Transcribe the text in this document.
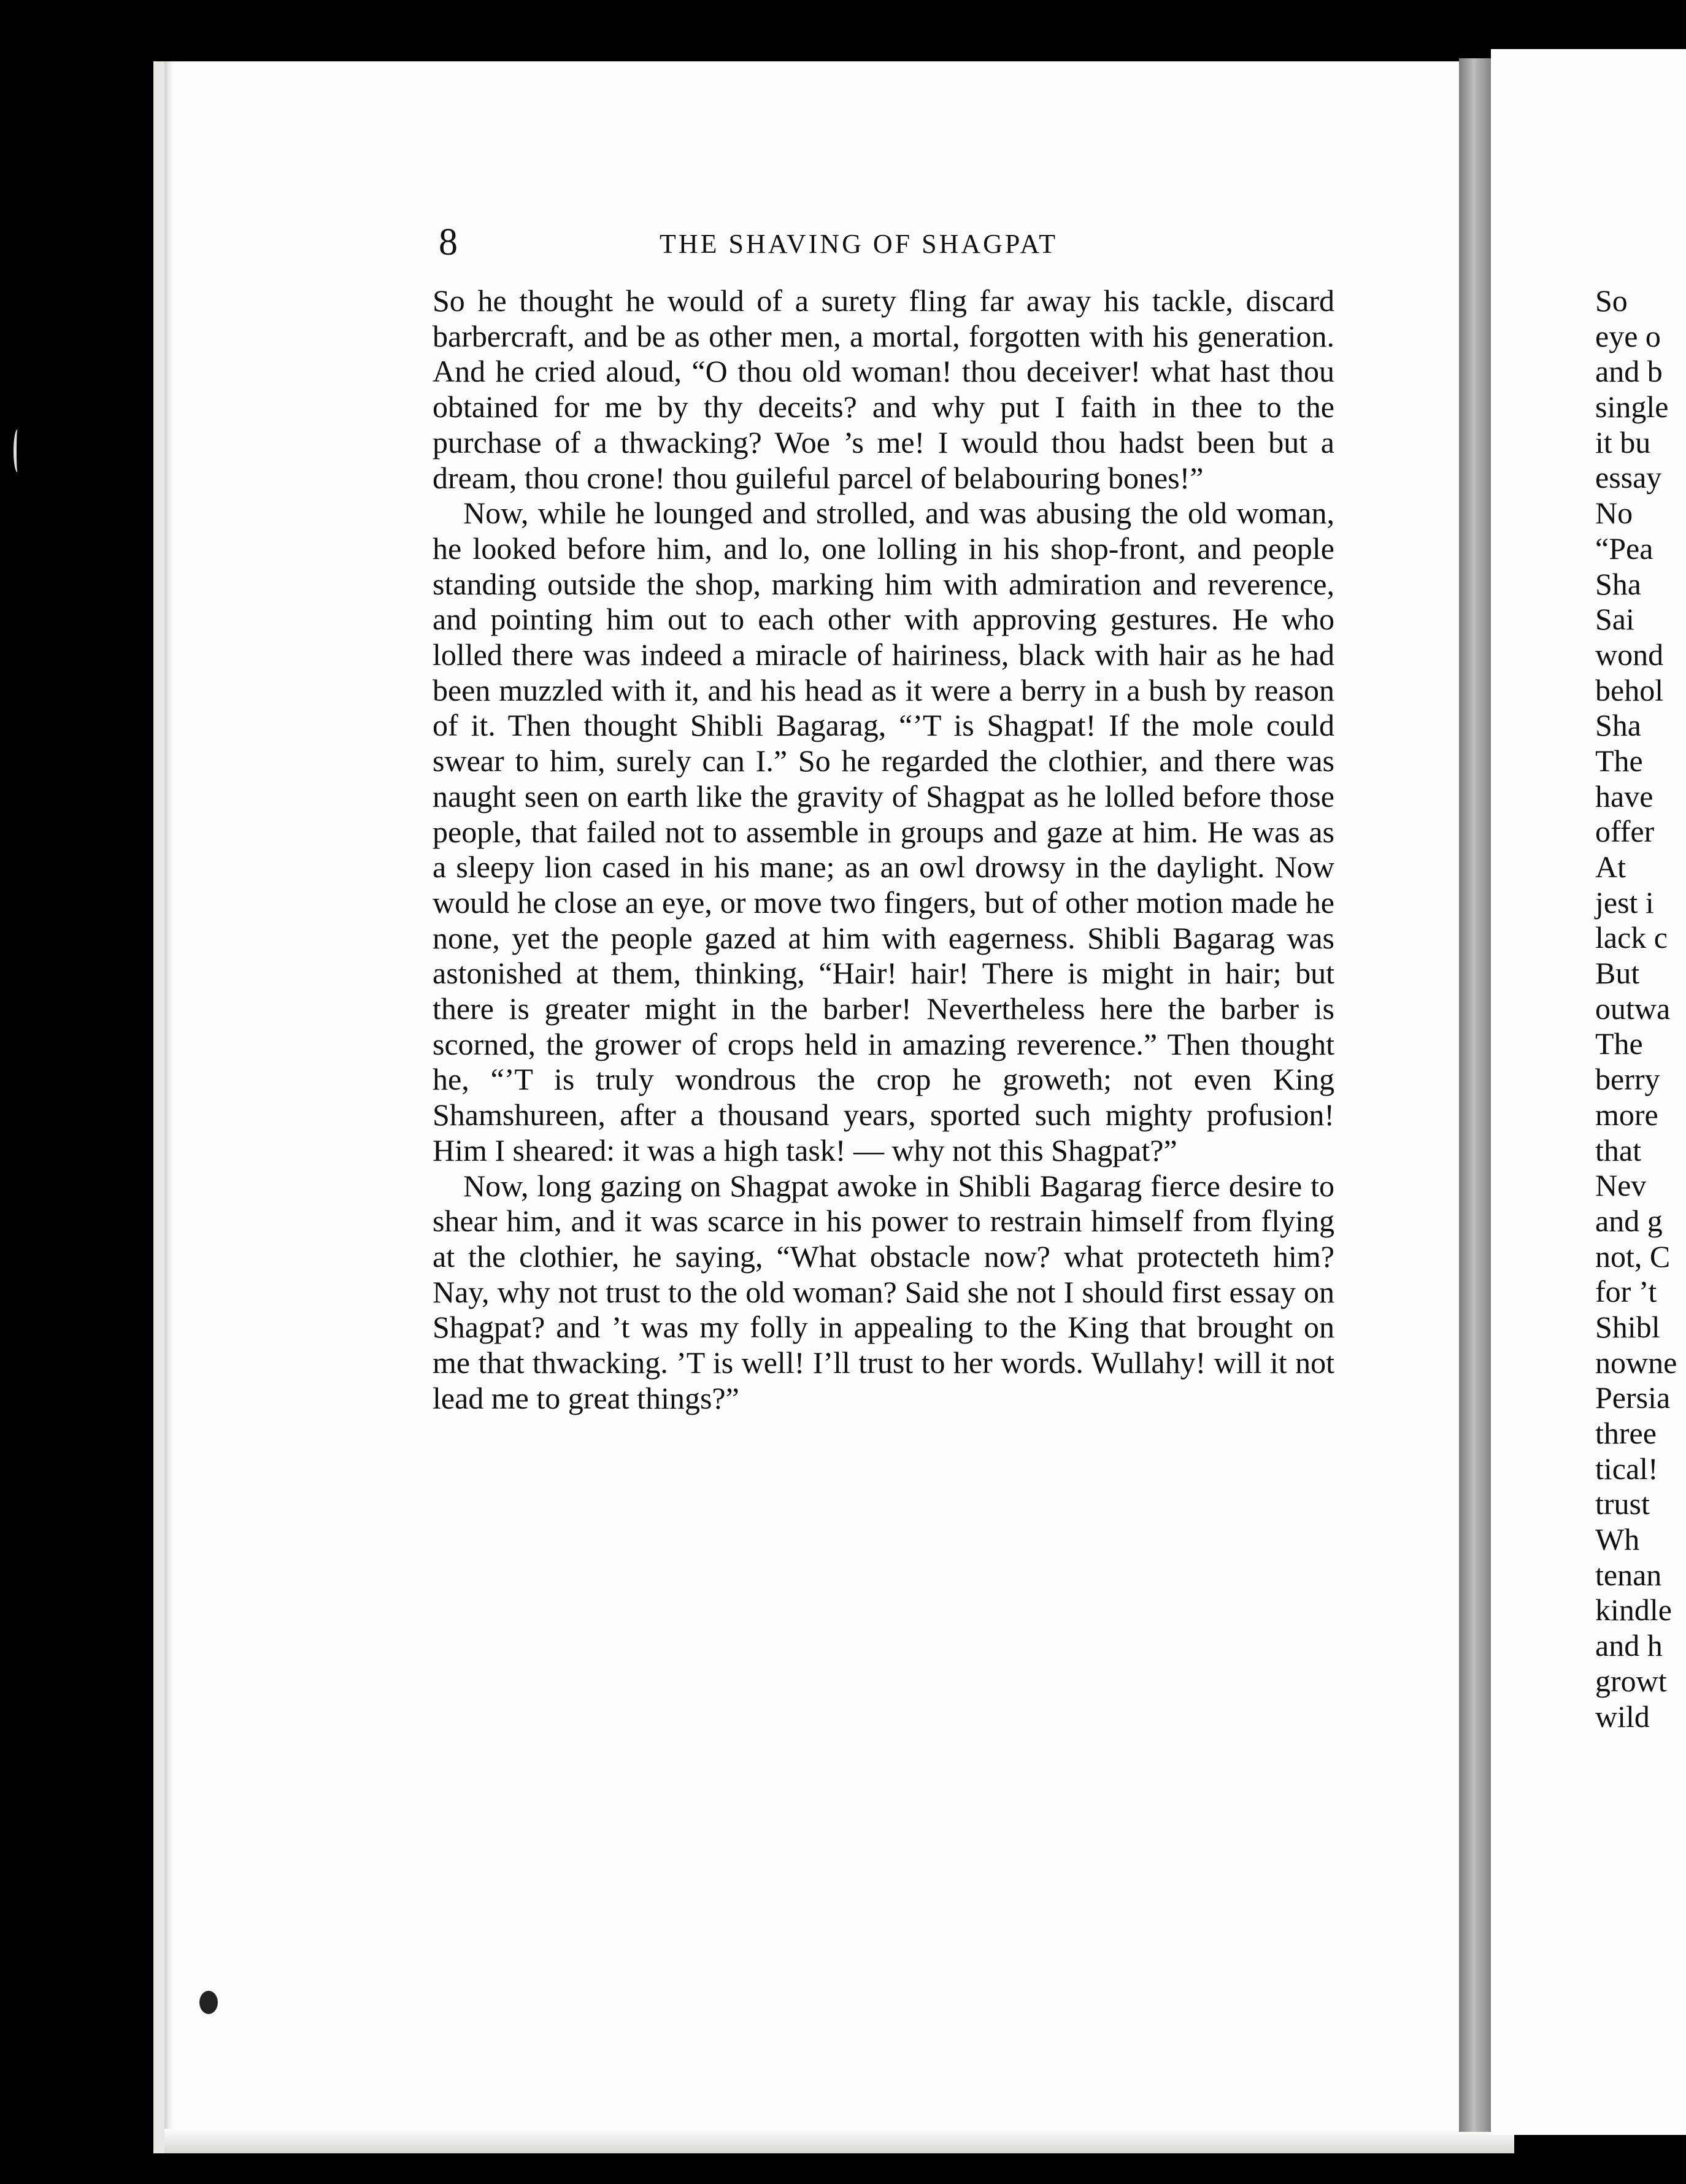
8	THE SHAVING OF SHAGPAT

So he thought he would of a surety fling far away his tackle, discard barbercraft, and be as other men, a mortal, forgotten with his generation. And he cried aloud, “O thou old woman! thou deceiver! what hast thou obtained for me by thy deceits? and why put I faith in thee to the purchase of a thwacking? Woe ’s me! I would thou hadst been but a dream, thou crone! thou guileful parcel of belabouring bones!”

Now, while he lounged and strolled, and was abusing the old woman, he looked before him, and lo, one lolling in his shop-front, and people standing outside the shop, marking him with admiration and reverence, and pointing him out to each other with approving gestures. He who lolled there was indeed a miracle of hairiness, black with hair as he had been muzzled with it, and his head as it were a berry in a bush by reason of it. Then thought Shibli Bagarag, “’T is Shagpat! If the mole could swear to him, surely can I.” So he regarded the clothier, and there was naught seen on earth like the gravity of Shagpat as he lolled before those people, that failed not to assemble in groups and gaze at him. He was as a sleepy lion cased in his mane; as an owl drowsy in the daylight. Now would he close an eye, or move two fingers, but of other motion made he none, yet the people gazed at him with eagerness. Shibli Bagarag was astonished at them, thinking, “Hair! hair! There is might in hair; but there is greater might in the barber! Nevertheless here the barber is scorned, the grower of crops held in amazing reverence.” Then thought he, “’T is truly wondrous the crop he groweth; not even King Shamshureen, after a thousand years, sported such mighty profusion! Him I sheared: it was a high task! — why not this Shagpat?”

Now, long gazing on Shagpat awoke in Shibli Bagarag fierce desire to shear him, and it was scarce in his power to restrain himself from flying at the clothier, he saying, “What obstacle now? what protecteth him? Nay, why not trust to the old woman? Said she not I should first essay on Shagpat? and ’t was my folly in appealing to the King that brought on me that thwacking. ’T is well! I’ll trust to her words. Wullahy! will it not lead me to great things?”

So
eye o
and b
single
it bu
essay
No
“Pea
Sha
Sai
wond
behol
Sha
The
have
offer
At
jest i
lack c
But
outwa
The
berry
more
that
Nev
and g
not, C
for ’t
Shibl
nowne
Persia
three
tical!
trust
Wh
tenan
kindle
and h
growt
wild
